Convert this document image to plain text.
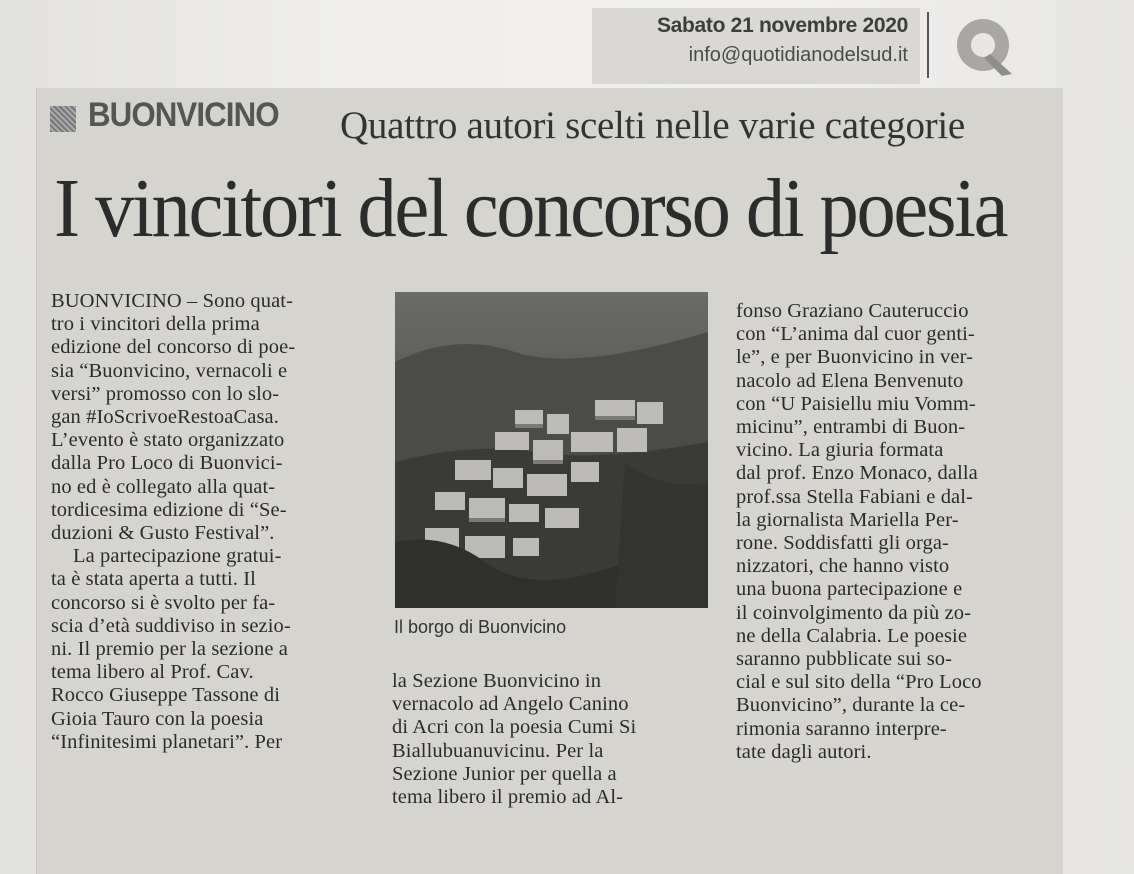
Sabato 21 novembre 2020
info@quotidianodelsud.it
BUONVICINO Quattro autori scelti nelle varie categorie
I vincitori del concorso di poesia
BUONVICINO – Sono quat-
tro i vincitori della prima
edizione del concorso di poe-
sia “Buonvicino, vernacoli e
versi” promosso con lo slo-
gan #IoScrivoeRestoaCasa.
L’evento è stato organizzato
dalla Pro Loco di Buonvici-
no ed è collegato alla quat-
tordicesima edizione di “Se-
duzioni & Gusto Festival”.
La partecipazione gratui-
ta è stata aperta a tutti. Il
concorso si è svolto per fa-
scia d’età suddiviso in sezio-
ni. Il premio per la sezione a
tema libero al Prof. Cav.
Rocco Giuseppe Tassone di
Gioia Tauro con la poesia
“Infinitesimi planetari”. Per
Il borgo di Buonvicino
la Sezione Buonvicino in
vernacolo ad Angelo Canino
di Acri con la poesia Cumi Si
Biallubuanuvicinu. Per la
Sezione Junior per quella a
tema libero il premio ad Al-
fonso Graziano Cauteruccio
con “L’anima dal cuor genti-
le”, e per Buonvicino in ver-
nacolo ad Elena Benvenuto
con “U Paisiellu miu Vomm-
micinu”, entrambi di Buon-
vicino. La giuria formata
dal prof. Enzo Monaco, dalla
prof.ssa Stella Fabiani e dal-
la giornalista Mariella Per-
rone. Soddisfatti gli orga-
nizzatori, che hanno visto
una buona partecipazione e
il coinvolgimento da più zo-
ne della Calabria. Le poesie
saranno pubblicate sui so-
cial e sul sito della “Pro Loco
Buonvicino”, durante la ce-
rimonia saranno interpre-
tate dagli autori.
